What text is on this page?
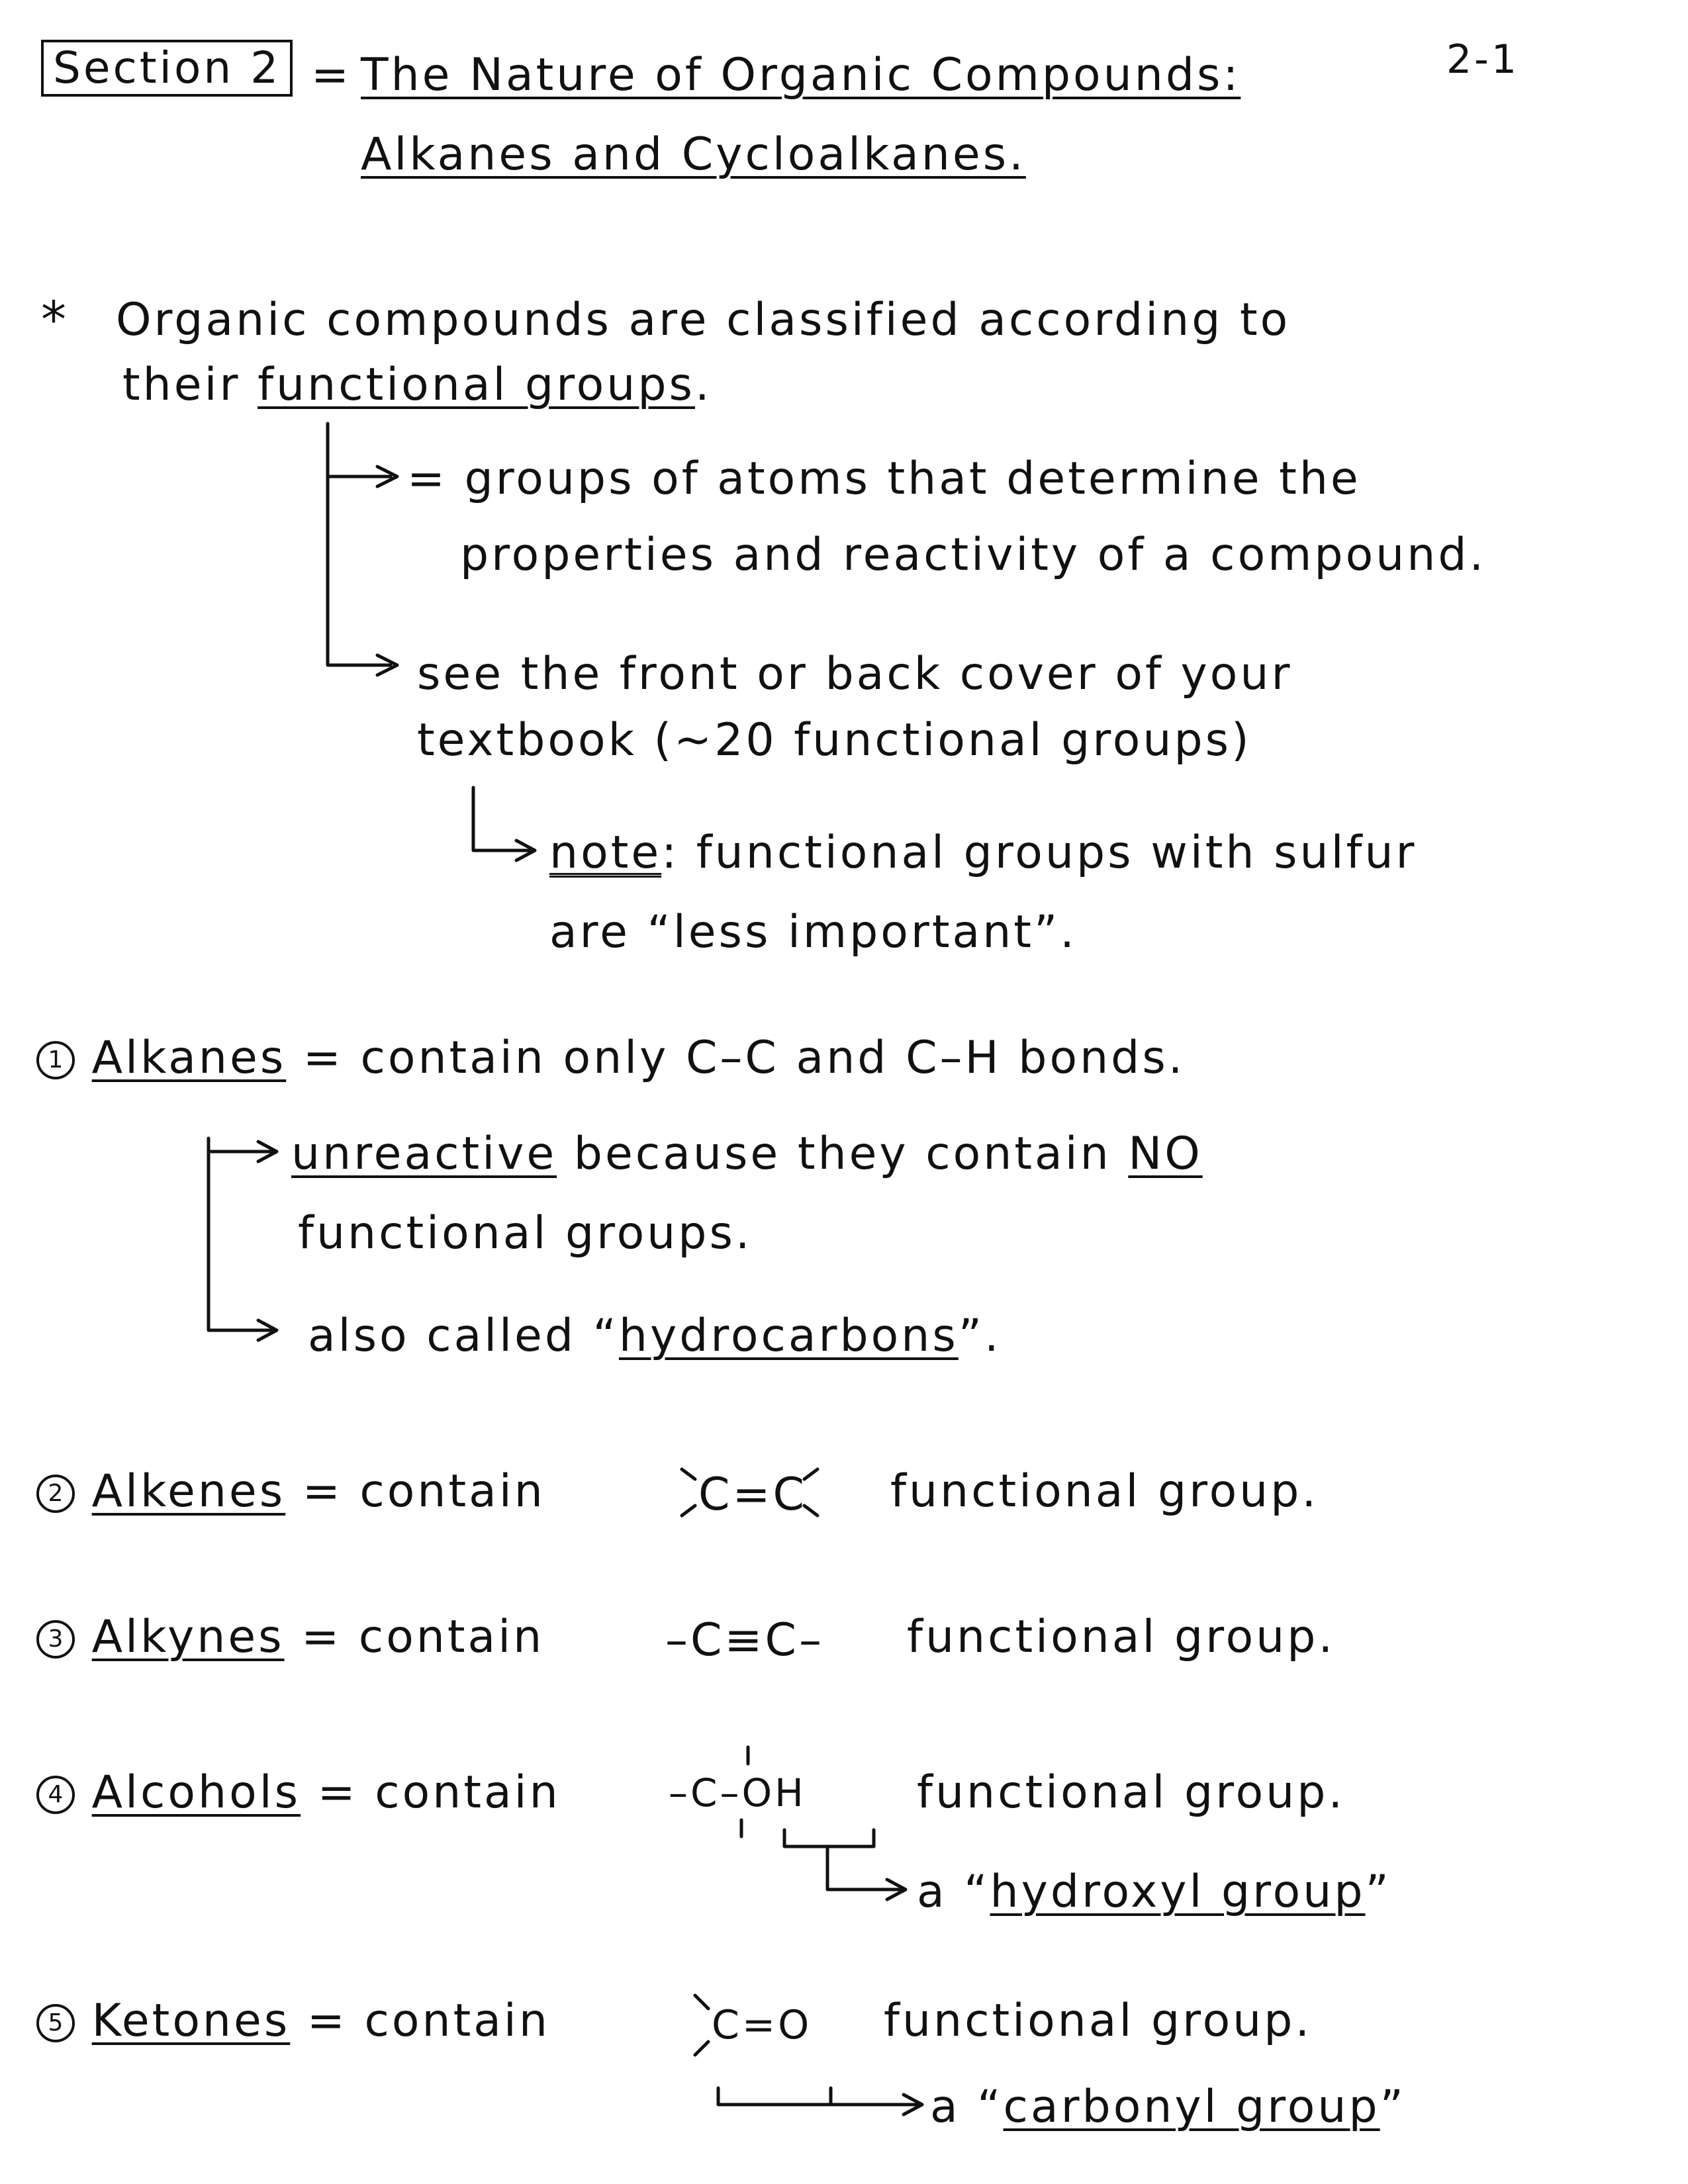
Section 2 = The Nature of Organic Compounds:
Alkanes and Cycloalkanes.
2-1
* Organic compounds are classified according to
their functional groups.
= groups of atoms that determine the
properties and reactivity of a compound.
see the front or back cover of your
textbook (~20 functional groups)
note: functional groups with sulfur
are “less important”.
1 Alkanes = contain only C–C and C–H bonds.
unreactive because they contain NO
functional groups.
also called “hydrocarbons”.
2 Alkenes = contain	C=C functional group.
3 Alkynes = contain	–C≡C– functional group.
4 Alcohols = contain	–C–OH functional group.
a “hydroxyl group”
5 Ketones = contain	C=O functional group.
a “carbonyl group”
